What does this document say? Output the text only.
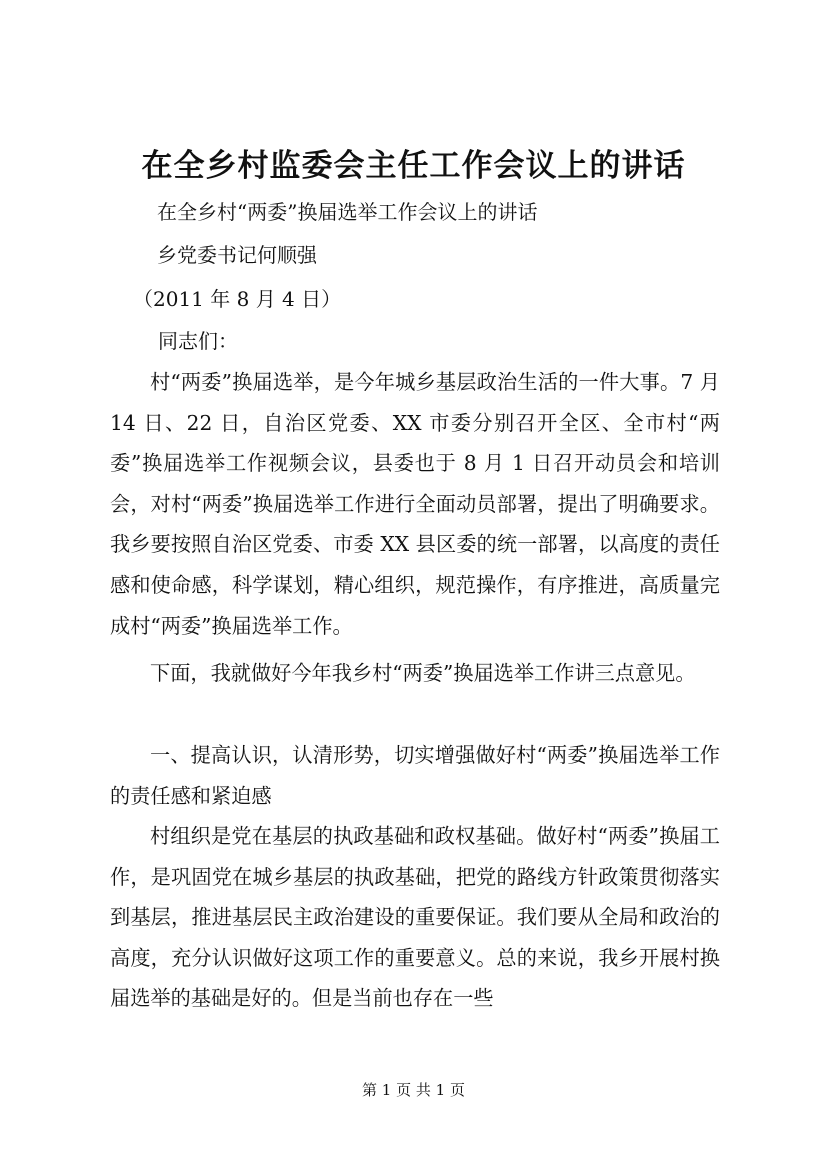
在全乡村监委会主任工作会议上的讲话
在全乡村“两委”换届选举工作会议上的讲话
乡党委书记何顺强
（2011 年 8 月 4 日）
同志们：

村“两委”换届选举，是今年城乡基层政治生活的一件大事。7 月 14 日、22 日，自治区党委、XX 市委分别召开全区、全市村“两委”换届选举工作视频会议，县委也于 8 月 1 日召开动员会和培训会，对村“两委”换届选举工作进行全面动员部署，提出了明确要求。我乡要按照自治区党委、市委 XX 县区委的统一部署，以高度的责任感和使命感，科学谋划，精心组织，规范操作，有序推进，高质量完成村“两委”换届选举工作。

下面，我就做好今年我乡村“两委”换届选举工作讲三点意见。

一、提高认识，认清形势，切实增强做好村“两委”换届选举工作的责任感和紧迫感

村组织是党在基层的执政基础和政权基础。做好村“两委”换届工作，是巩固党在城乡基层的执政基础，把党的路线方针政策贯彻落实到基层，推进基层民主政治建设的重要保证。我们要从全局和政治的高度，充分认识做好这项工作的重要意义。总的来说，我乡开展村换届选举的基础是好的。但是当前也存在一些

第 1 页 共 1 页
